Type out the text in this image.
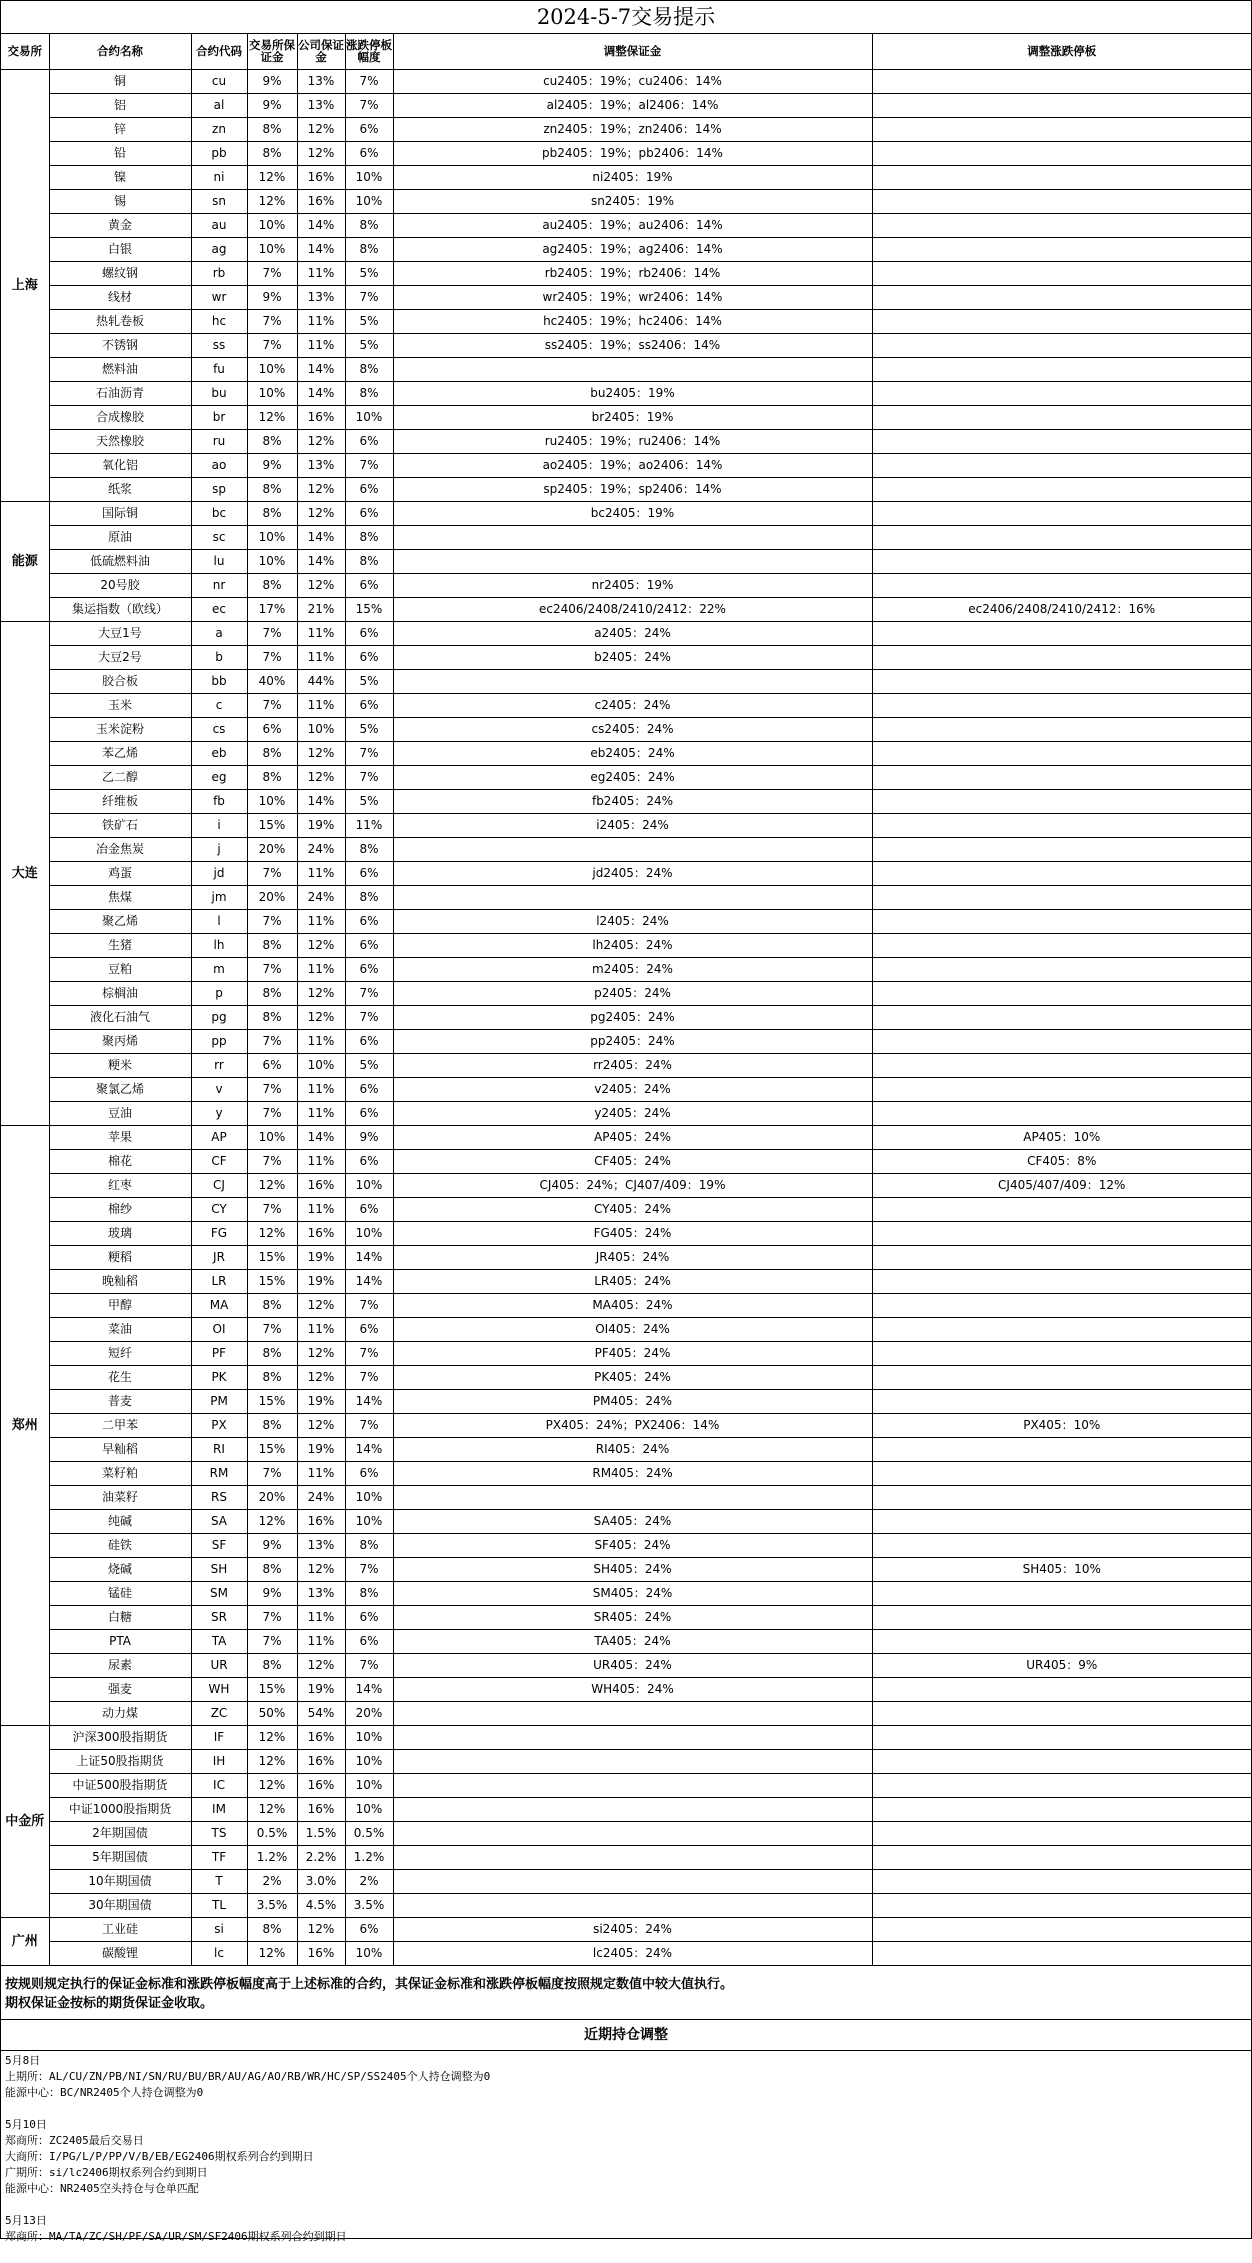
2024-5-7交易提示
交易所	合约名称	合约代码	交易所保证金	公司保证金	涨跌停板幅度	调整保证金	调整涨跌停板
上海	铜	cu	9%	13%	7%	cu2405：19%；cu2406：14%	
	铝	al	9%	13%	7%	al2405：19%；al2406：14%	
	锌	zn	8%	12%	6%	zn2405：19%；zn2406：14%	
	铅	pb	8%	12%	6%	pb2405：19%；pb2406：14%	
	镍	ni	12%	16%	10%	ni2405：19%	
	锡	sn	12%	16%	10%	sn2405：19%	
	黄金	au	10%	14%	8%	au2405：19%；au2406：14%	
	白银	ag	10%	14%	8%	ag2405：19%；ag2406：14%	
	螺纹钢	rb	7%	11%	5%	rb2405：19%；rb2406：14%	
	线材	wr	9%	13%	7%	wr2405：19%；wr2406：14%	
	热轧卷板	hc	7%	11%	5%	hc2405：19%；hc2406：14%	
	不锈钢	ss	7%	11%	5%	ss2405：19%；ss2406：14%	
	燃料油	fu	10%	14%	8%		
	石油沥青	bu	10%	14%	8%	bu2405：19%	
	合成橡胶	br	12%	16%	10%	br2405：19%	
	天然橡胶	ru	8%	12%	6%	ru2405：19%；ru2406：14%	
	氧化铝	ao	9%	13%	7%	ao2405：19%；ao2406：14%	
	纸浆	sp	8%	12%	6%	sp2405：19%；sp2406：14%	
能源	国际铜	bc	8%	12%	6%	bc2405：19%	
	原油	sc	10%	14%	8%		
	低硫燃料油	lu	10%	14%	8%		
	20号胶	nr	8%	12%	6%	nr2405：19%	
	集运指数（欧线）	ec	17%	21%	15%	ec2406/2408/2410/2412：22%	ec2406/2408/2410/2412：16%
大连	大豆1号	a	7%	11%	6%	a2405：24%	
	大豆2号	b	7%	11%	6%	b2405：24%	
	胶合板	bb	40%	44%	5%		
	玉米	c	7%	11%	6%	c2405：24%	
	玉米淀粉	cs	6%	10%	5%	cs2405：24%	
	苯乙烯	eb	8%	12%	7%	eb2405：24%	
	乙二醇	eg	8%	12%	7%	eg2405：24%	
	纤维板	fb	10%	14%	5%	fb2405：24%	
	铁矿石	i	15%	19%	11%	i2405：24%	
	冶金焦炭	j	20%	24%	8%		
	鸡蛋	jd	7%	11%	6%	jd2405：24%	
	焦煤	jm	20%	24%	8%		
	聚乙烯	l	7%	11%	6%	l2405：24%	
	生猪	lh	8%	12%	6%	lh2405：24%	
	豆粕	m	7%	11%	6%	m2405：24%	
	棕榈油	p	8%	12%	7%	p2405：24%	
	液化石油气	pg	8%	12%	7%	pg2405：24%	
	聚丙烯	pp	7%	11%	6%	pp2405：24%	
	粳米	rr	6%	10%	5%	rr2405：24%	
	聚氯乙烯	v	7%	11%	6%	v2405：24%	
	豆油	y	7%	11%	6%	y2405：24%	
郑州	苹果	AP	10%	14%	9%	AP405：24%	AP405：10%
	棉花	CF	7%	11%	6%	CF405：24%	CF405：8%
	红枣	CJ	12%	16%	10%	CJ405：24%；CJ407/409：19%	CJ405/407/409：12%
	棉纱	CY	7%	11%	6%	CY405：24%	
	玻璃	FG	12%	16%	10%	FG405：24%	
	粳稻	JR	15%	19%	14%	JR405：24%	
	晚籼稻	LR	15%	19%	14%	LR405：24%	
	甲醇	MA	8%	12%	7%	MA405：24%	
	菜油	OI	7%	11%	6%	OI405：24%	
	短纤	PF	8%	12%	7%	PF405：24%	
	花生	PK	8%	12%	7%	PK405：24%	
	普麦	PM	15%	19%	14%	PM405：24%	
	二甲苯	PX	8%	12%	7%	PX405：24%；PX2406：14%	PX405：10%
	早籼稻	RI	15%	19%	14%	RI405：24%	
	菜籽粕	RM	7%	11%	6%	RM405：24%	
	油菜籽	RS	20%	24%	10%		
	纯碱	SA	12%	16%	10%	SA405：24%	
	硅铁	SF	9%	13%	8%	SF405：24%	
	烧碱	SH	8%	12%	7%	SH405：24%	SH405：10%
	锰硅	SM	9%	13%	8%	SM405：24%	
	白糖	SR	7%	11%	6%	SR405：24%	
	PTA	TA	7%	11%	6%	TA405：24%	
	尿素	UR	8%	12%	7%	UR405：24%	UR405：9%
	强麦	WH	15%	19%	14%	WH405：24%	
	动力煤	ZC	50%	54%	20%		
中金所	沪深300股指期货	IF	12%	16%	10%		
	上证50股指期货	IH	12%	16%	10%		
	中证500股指期货	IC	12%	16%	10%		
	中证1000股指期货	IM	12%	16%	10%		
	2年期国债	TS	0.5%	1.5%	0.5%		
	5年期国债	TF	1.2%	2.2%	1.2%		
	10年期国债	T	2%	3.0%	2%		
	30年期国债	TL	3.5%	4.5%	3.5%		
广州	工业硅	si	8%	12%	6%	si2405：24%	
	碳酸锂	lc	12%	16%	10%	lc2405：24%	
按规则规定执行的保证金标准和涨跌停板幅度高于上述标准的合约，其保证金标准和涨跌停板幅度按照规定数值中较大值执行。
期权保证金按标的期货保证金收取。
近期持仓调整
5月8日
上期所：AL/CU/ZN/PB/NI/SN/RU/BU/BR/AU/AG/AO/RB/WR/HC/SP/SS2405个人持仓调整为0
能源中心：BC/NR2405个人持仓调整为0
5月10日
郑商所：ZC2405最后交易日
大商所：I/PG/L/P/PP/V/B/EB/EG2406期权系列合约到期日
广期所：si/lc2406期权系列合约到期日
能源中心：NR2405空头持仓与仓单匹配
5月13日
郑商所：MA/TA/ZC/SH/PF/SA/UR/SM/SF2406期权系列合约到期日
